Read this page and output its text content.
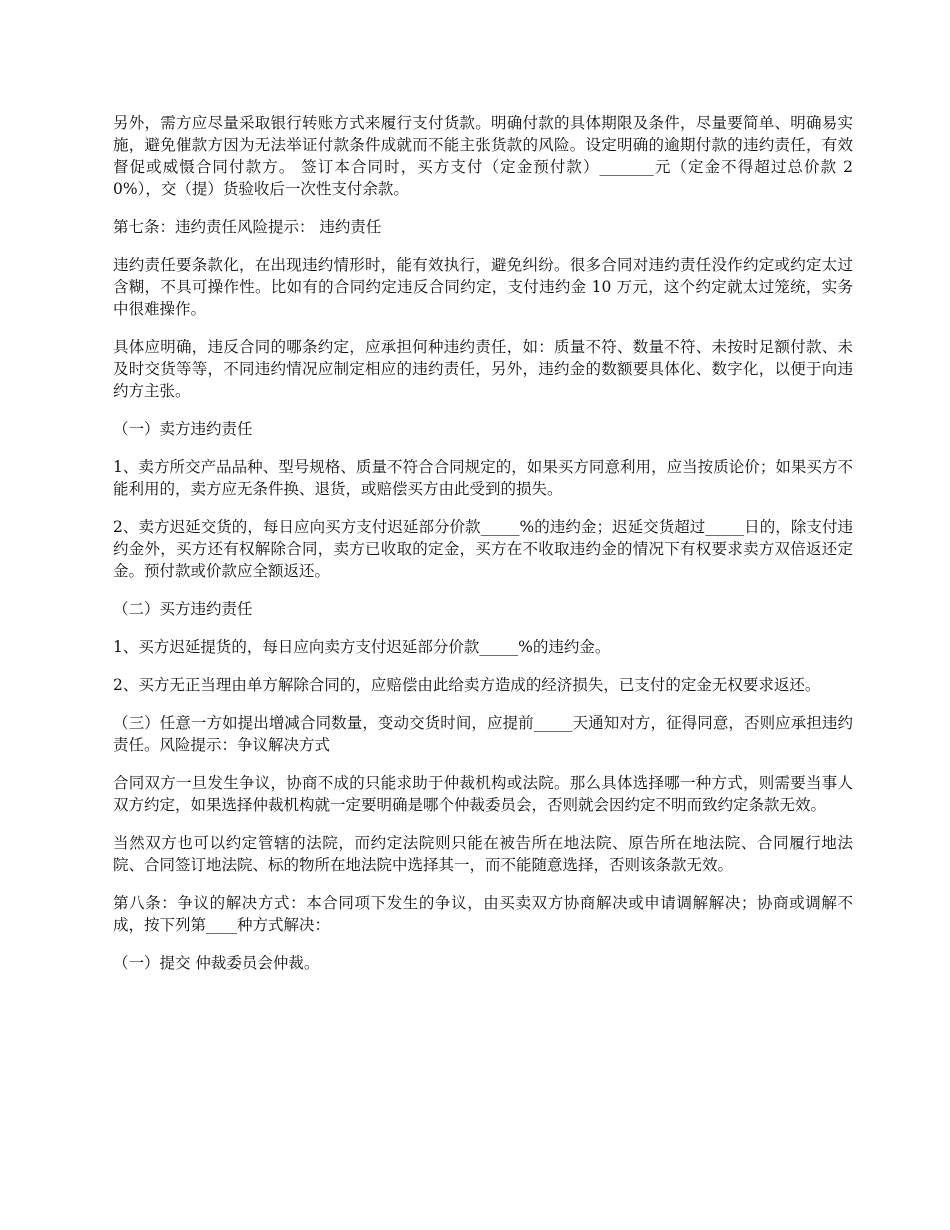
另外，需方应尽量采取银行转账方式来履行支付货款。明确付款的具体期限及条件，尽量要简单、明确易实施，避免催款方因为无法举证付款条件成就而不能主张货款的风险。设定明确的逾期付款的违约责任，有效督促或威慑合同付款方。 签订本合同时，买方支付（定金预付款）_______元（定金不得超过总价款 20%），交（提）货验收后一次性支付余款。

第七条：违约责任风险提示： 违约责任

违约责任要条款化，在出现违约情形时，能有效执行，避免纠纷。很多合同对违约责任没作约定或约定太过含糊，不具可操作性。比如有的合同约定违反合同约定，支付违约金 10 万元，这个约定就太过笼统，实务中很难操作。

具体应明确，违反合同的哪条约定，应承担何种违约责任，如：质量不符、数量不符、未按时足额付款、未及时交货等等，不同违约情况应制定相应的违约责任，另外，违约金的数额要具体化、数字化，以便于向违约方主张。

（一）卖方违约责任

1、卖方所交产品品种、型号规格、质量不符合合同规定的，如果买方同意利用，应当按质论价；如果买方不能利用的，卖方应无条件换、退货，或赔偿买方由此受到的损失。

2、卖方迟延交货的，每日应向买方支付迟延部分价款_____%的违约金；迟延交货超过_____日的，除支付违约金外，买方还有权解除合同，卖方已收取的定金，买方在不收取违约金的情况下有权要求卖方双倍返还定金。预付款或价款应全额返还。

（二）买方违约责任

1、买方迟延提货的，每日应向卖方支付迟延部分价款_____%的违约金。

2、买方无正当理由单方解除合同的，应赔偿由此给卖方造成的经济损失，已支付的定金无权要求返还。

（三）任意一方如提出增减合同数量，变动交货时间，应提前_____天通知对方，征得同意，否则应承担违约责任。风险提示：争议解决方式

合同双方一旦发生争议，协商不成的只能求助于仲裁机构或法院。那么具体选择哪一种方式，则需要当事人双方约定，如果选择仲裁机构就一定要明确是哪个仲裁委员会，否则就会因约定不明而致约定条款无效。

当然双方也可以约定管辖的法院，而约定法院则只能在被告所在地法院、原告所在地法院、合同履行地法院、合同签订地法院、标的物所在地法院中选择其一，而不能随意选择，否则该条款无效。

第八条：争议的解决方式：本合同项下发生的争议，由买卖双方协商解决或申请调解解决；协商或调解不成，按下列第____种方式解决：

（一）提交 仲裁委员会仲裁。
